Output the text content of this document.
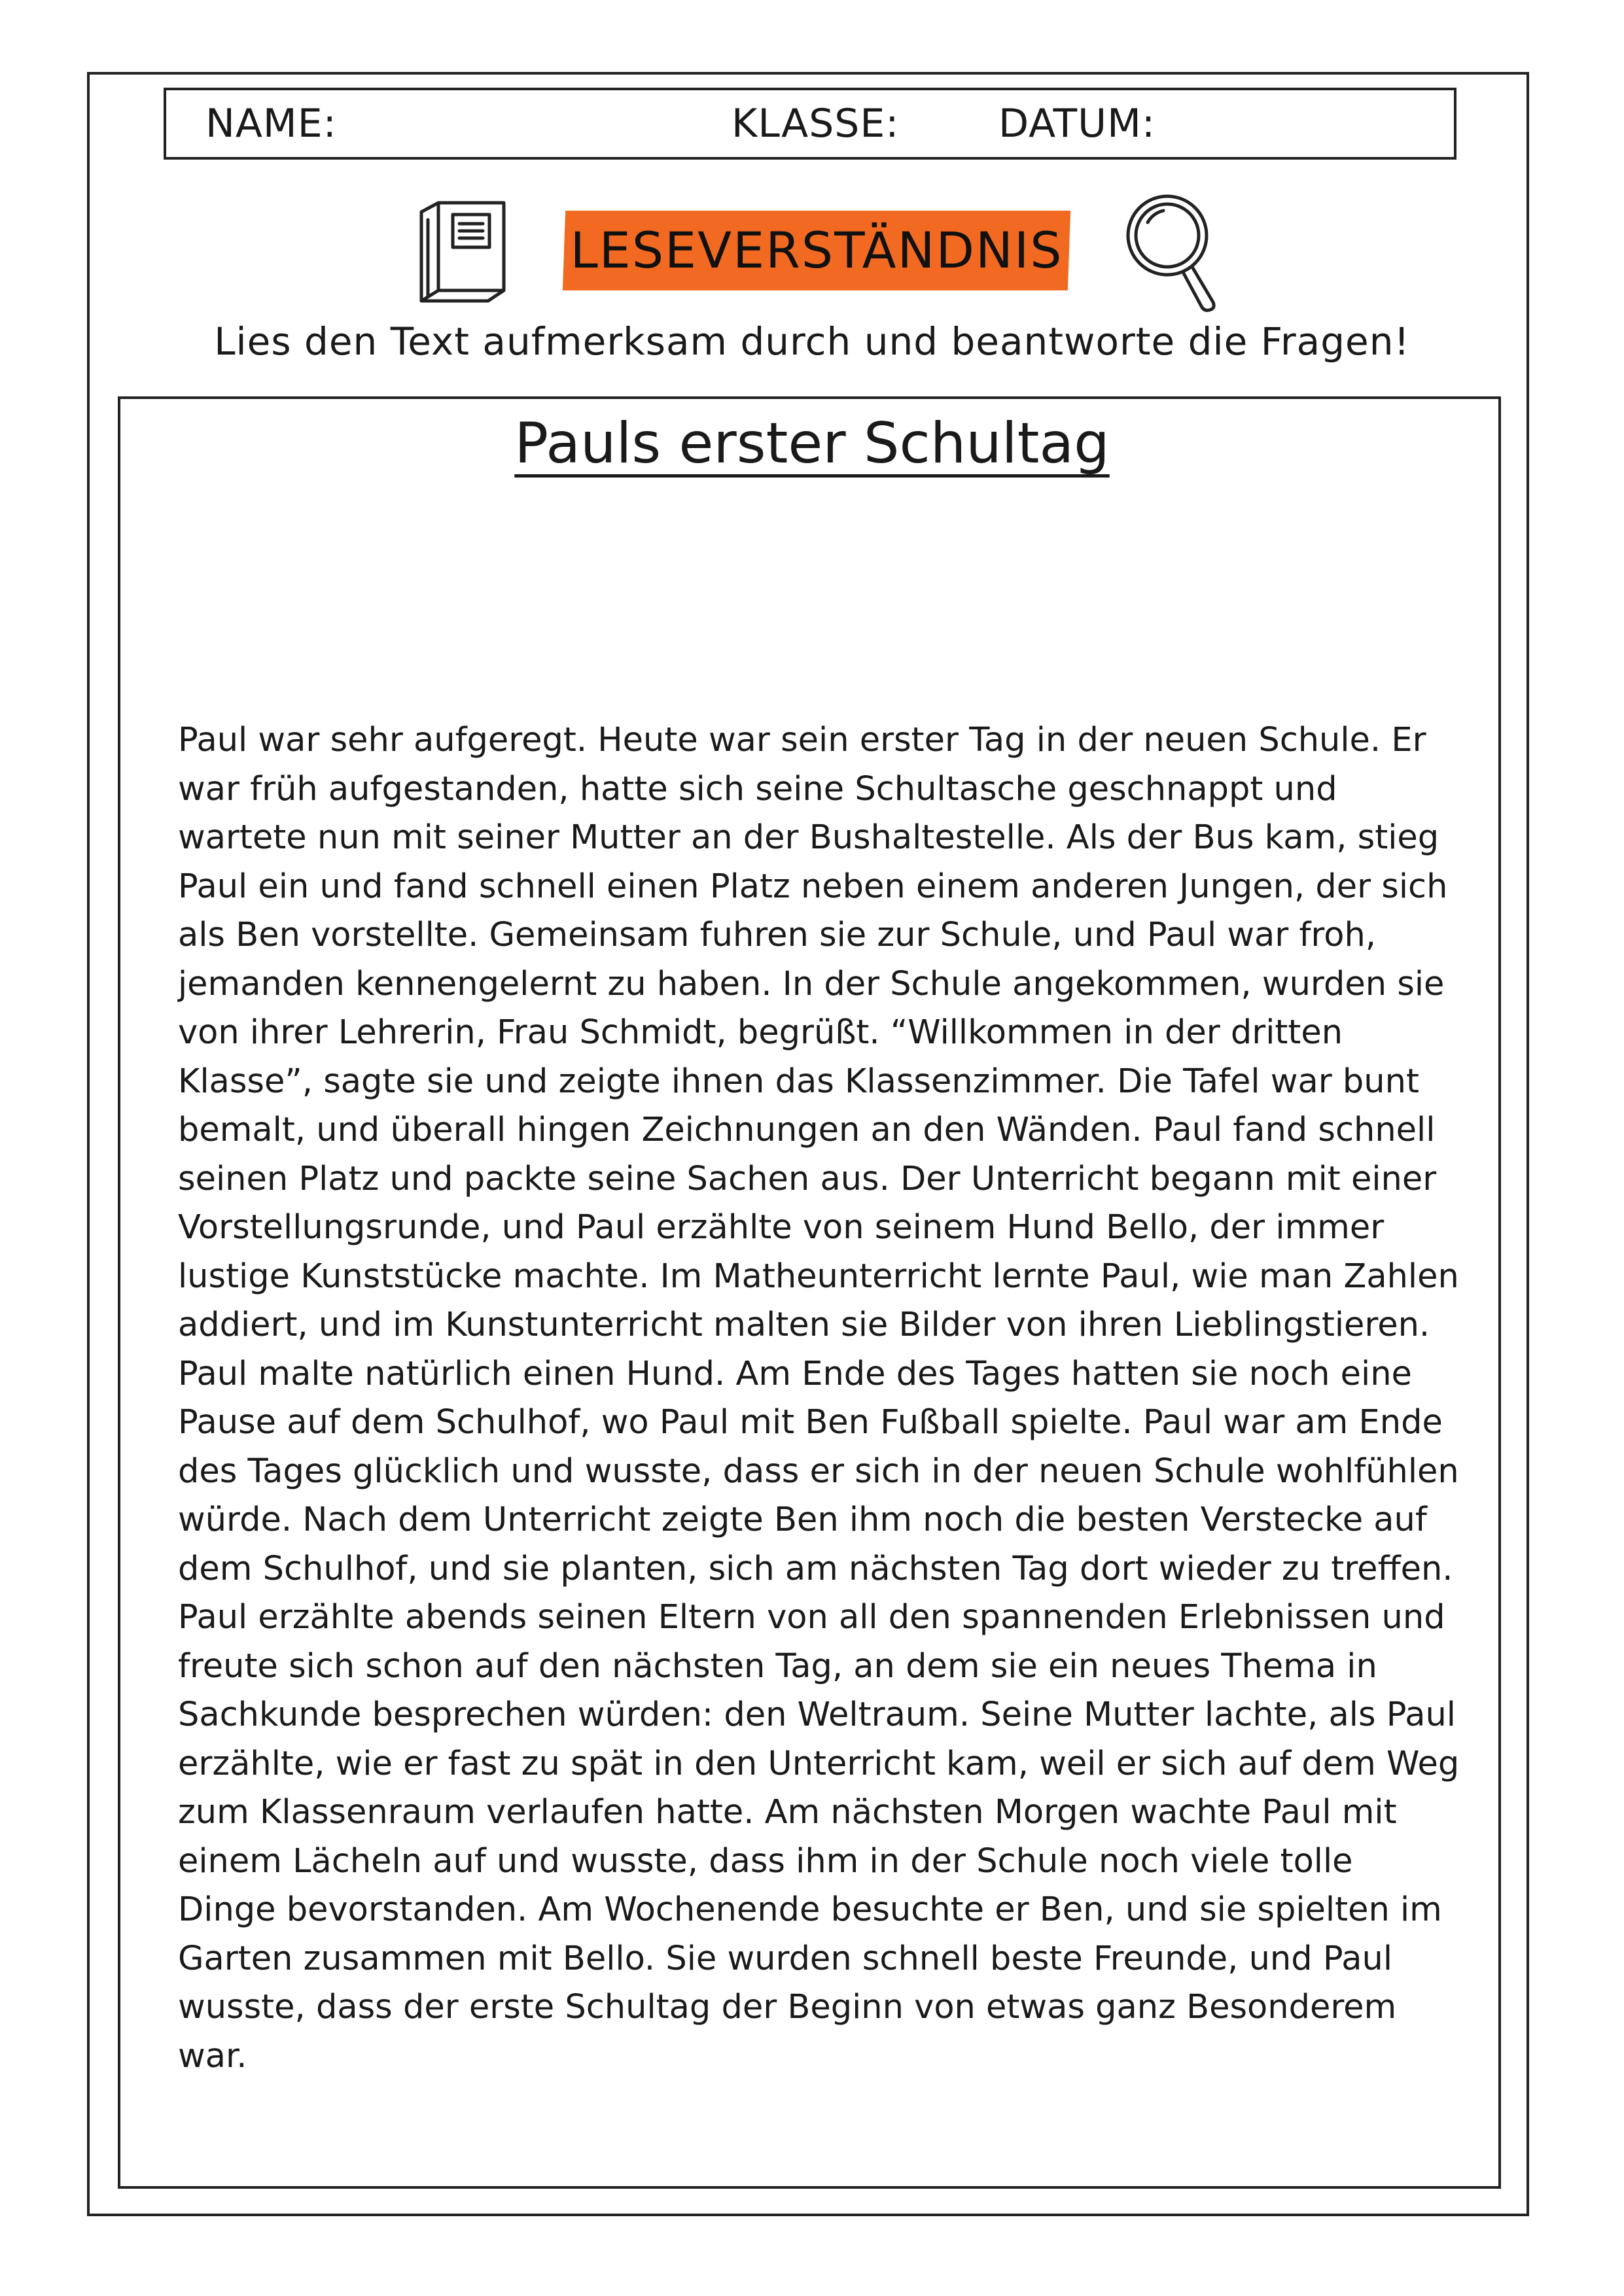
NAME:	KLASSE:	DATUM:
LESEVERSTÄNDNIS
Lies den Text aufmerksam durch und beantworte die Fragen!
Pauls erster Schultag

Paul war sehr aufgeregt. Heute war sein erster Tag in der neuen Schule. Er war früh aufgestanden, hatte sich seine Schultasche geschnappt und wartete nun mit seiner Mutter an der Bushaltestelle. Als der Bus kam, stieg Paul ein und fand schnell einen Platz neben einem anderen Jungen, der sich als Ben vorstellte. Gemeinsam fuhren sie zur Schule, und Paul war froh, jemanden kennengelernt zu haben. In der Schule angekommen, wurden sie von ihrer Lehrerin, Frau Schmidt, begrüßt. “Willkommen in der dritten Klasse”, sagte sie und zeigte ihnen das Klassenzimmer. Die Tafel war bunt bemalt, und überall hingen Zeichnungen an den Wänden. Paul fand schnell seinen Platz und packte seine Sachen aus. Der Unterricht begann mit einer Vorstellungsrunde, und Paul erzählte von seinem Hund Bello, der immer lustige Kunststücke machte. Im Matheunterricht lernte Paul, wie man Zahlen addiert, und im Kunstunterricht malten sie Bilder von ihren Lieblingstieren. Paul malte natürlich einen Hund. Am Ende des Tages hatten sie noch eine Pause auf dem Schulhof, wo Paul mit Ben Fußball spielte. Paul war am Ende des Tages glücklich und wusste, dass er sich in der neuen Schule wohlfühlen würde. Nach dem Unterricht zeigte Ben ihm noch die besten Verstecke auf dem Schulhof, und sie planten, sich am nächsten Tag dort wieder zu treffen. Paul erzählte abends seinen Eltern von all den spannenden Erlebnissen und freute sich schon auf den nächsten Tag, an dem sie ein neues Thema in Sachkunde besprechen würden: den Weltraum. Seine Mutter lachte, als Paul erzählte, wie er fast zu spät in den Unterricht kam, weil er sich auf dem Weg zum Klassenraum verlaufen hatte. Am nächsten Morgen wachte Paul mit einem Lächeln auf und wusste, dass ihm in der Schule noch viele tolle Dinge bevorstanden. Am Wochenende besuchte er Ben, und sie spielten im Garten zusammen mit Bello. Sie wurden schnell beste Freunde, und Paul wusste, dass der erste Schultag der Beginn von etwas ganz Besonderem war.
